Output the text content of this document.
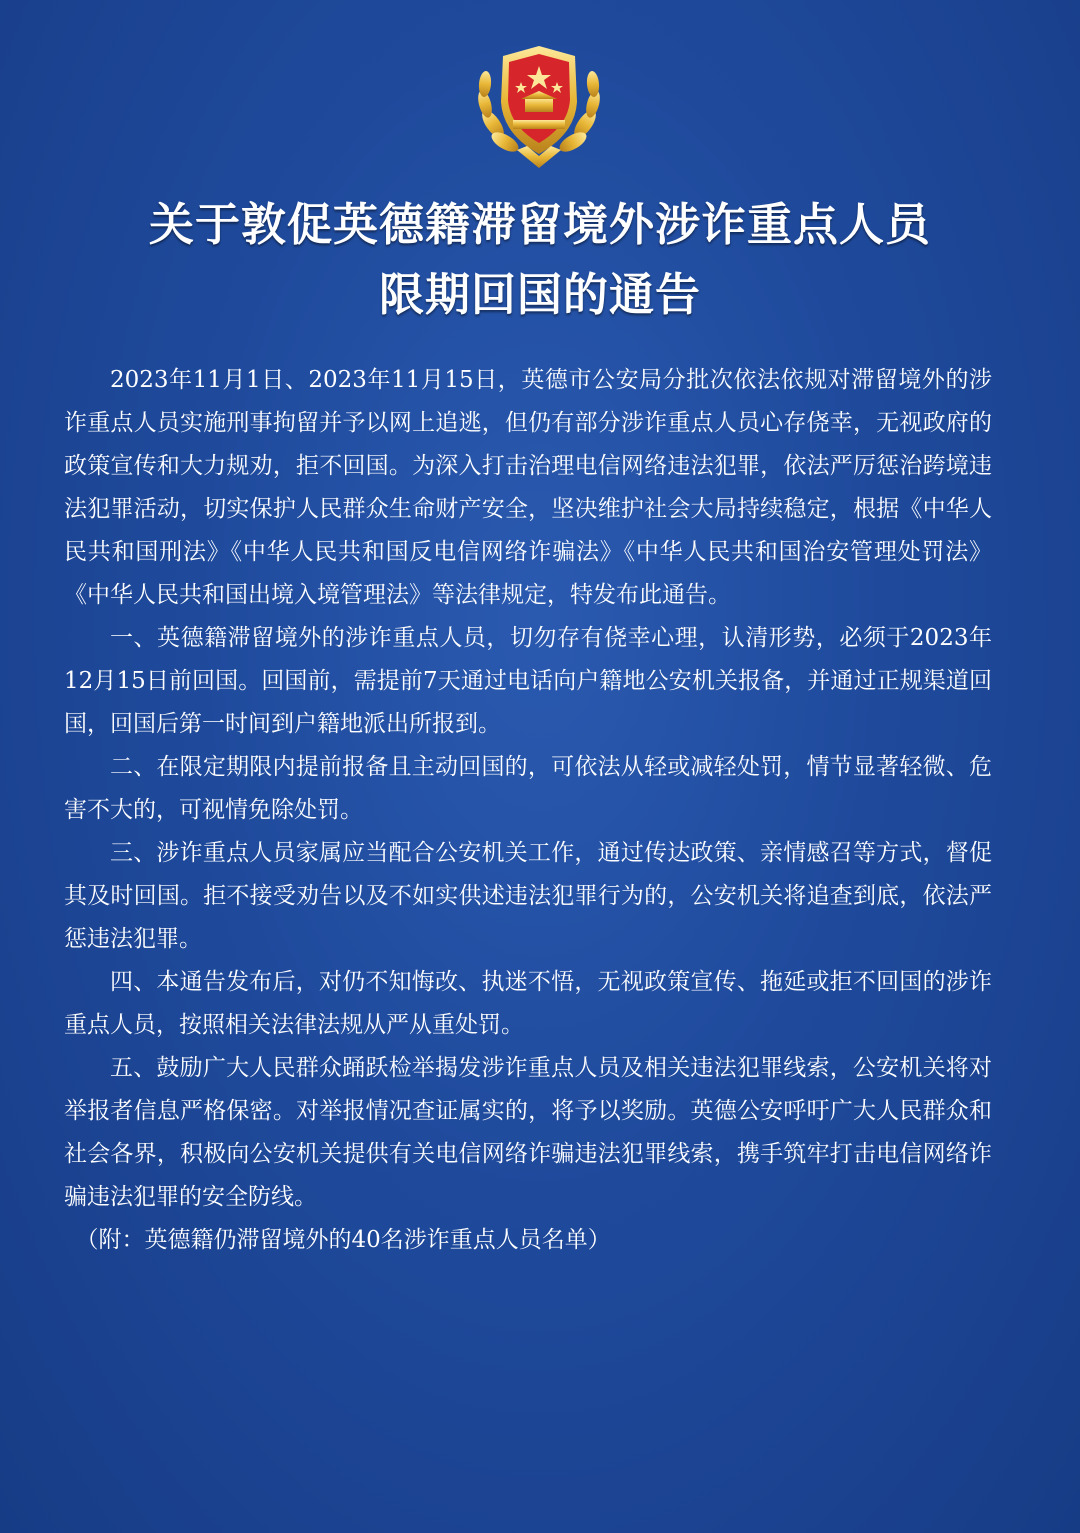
关于敦促英德籍滞留境外涉诈重点人员
限期回国的通告

2023年11月1日、2023年11月15日，英德市公安局分批次依法依规对滞留境外的涉诈重点人员实施刑事拘留并予以网上追逃，但仍有部分涉诈重点人员心存侥幸，无视政府的政策宣传和大力规劝，拒不回国。为深入打击治理电信网络违法犯罪，依法严厉惩治跨境违法犯罪活动，切实保护人民群众生命财产安全，坚决维护社会大局持续稳定，根据《中华人民共和国刑法》《中华人民共和国反电信网络诈骗法》《中华人民共和国治安管理处罚法》《中华人民共和国出境入境管理法》等法律规定，特发布此通告。

一、英德籍滞留境外的涉诈重点人员，切勿存有侥幸心理，认清形势，必须于2023年12月15日前回国。回国前，需提前7天通过电话向户籍地公安机关报备，并通过正规渠道回国，回国后第一时间到户籍地派出所报到。

二、在限定期限内提前报备且主动回国的，可依法从轻或减轻处罚，情节显著轻微、危害不大的，可视情免除处罚。

三、涉诈重点人员家属应当配合公安机关工作，通过传达政策、亲情感召等方式，督促其及时回国。拒不接受劝告以及不如实供述违法犯罪行为的，公安机关将追查到底，依法严惩违法犯罪。

四、本通告发布后，对仍不知悔改、执迷不悟，无视政策宣传、拖延或拒不回国的涉诈重点人员，按照相关法律法规从严从重处罚。

五、鼓励广大人民群众踊跃检举揭发涉诈重点人员及相关违法犯罪线索，公安机关将对举报者信息严格保密。对举报情况查证属实的，将予以奖励。英德公安呼吁广大人民群众和社会各界，积极向公安机关提供有关电信网络诈骗违法犯罪线索，携手筑牢打击电信网络诈骗违法犯罪的安全防线。

（附：英德籍仍滞留境外的40名涉诈重点人员名单）
